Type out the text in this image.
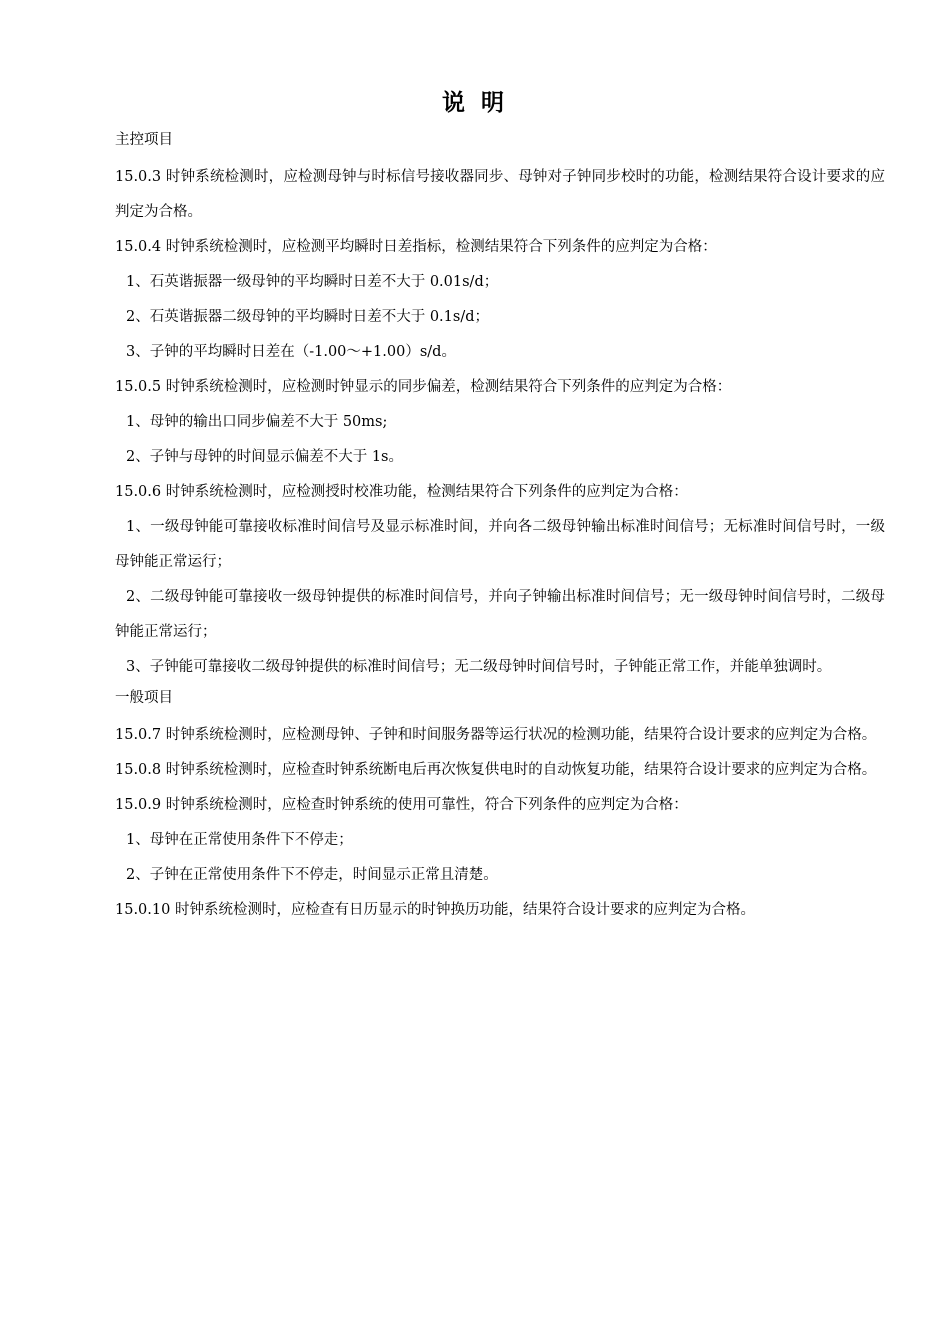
说 明

主控项目

15.0.3 时钟系统检测时，应检测母钟与时标信号接收器同步、母钟对子钟同步校时的功能，检测结果符合设计要求的应判定为合格。

15.0.4 时钟系统检测时，应检测平均瞬时日差指标，检测结果符合下列条件的应判定为合格：

1、石英谐振器一级母钟的平均瞬时日差不大于 0.01s/d；

2、石英谐振器二级母钟的平均瞬时日差不大于 0.1s/d；

3、子钟的平均瞬时日差在（-1.00～+1.00）s/d。

15.0.5 时钟系统检测时，应检测时钟显示的同步偏差，检测结果符合下列条件的应判定为合格：

1、母钟的输出口同步偏差不大于 50ms;

2、子钟与母钟的时间显示偏差不大于 1s。

15.0.6 时钟系统检测时，应检测授时校准功能，检测结果符合下列条件的应判定为合格：

1、一级母钟能可靠接收标准时间信号及显示标准时间，并向各二级母钟输出标准时间信号；无标准时间信号时，一级母钟能正常运行；

2、二级母钟能可靠接收一级母钟提供的标准时间信号，并向子钟输出标准时间信号；无一级母钟时间信号时，二级母钟能正常运行；

3、子钟能可靠接收二级母钟提供的标准时间信号；无二级母钟时间信号时，子钟能正常工作，并能单独调时。

一般项目

15.0.7 时钟系统检测时，应检测母钟、子钟和时间服务器等运行状况的检测功能，结果符合设计要求的应判定为合格。

15.0.8 时钟系统检测时，应检查时钟系统断电后再次恢复供电时的自动恢复功能，结果符合设计要求的应判定为合格。

15.0.9 时钟系统检测时，应检查时钟系统的使用可靠性，符合下列条件的应判定为合格：

1、母钟在正常使用条件下不停走；

2、子钟在正常使用条件下不停走，时间显示正常且清楚。

15.0.10 时钟系统检测时，应检查有日历显示的时钟换历功能，结果符合设计要求的应判定为合格。
